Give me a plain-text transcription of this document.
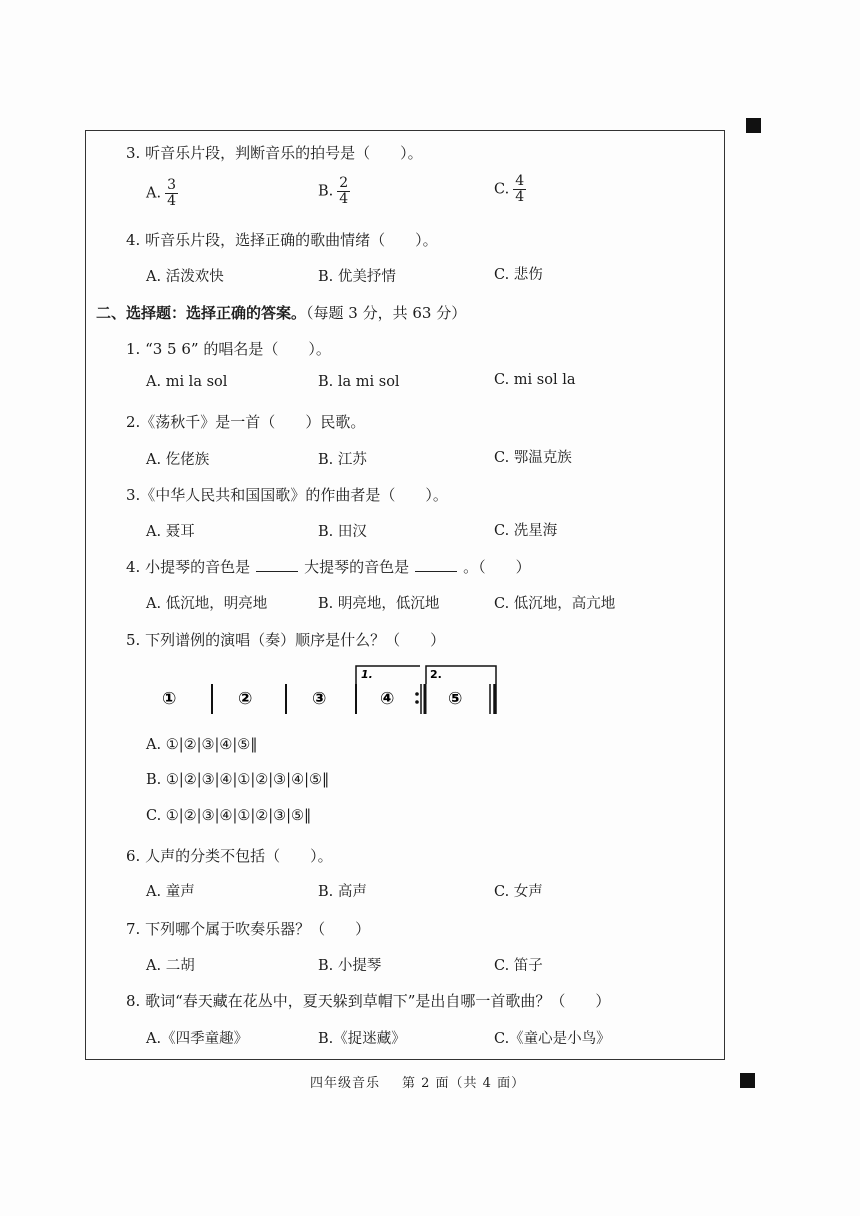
3. 听音乐片段，判断音乐的拍号是（　　）。
A. $\frac{3}{4}$	B. $\frac{2}{4}$	C. $\frac{4}{4}$
4. 听音乐片段，选择正确的歌曲情绪（　　）。
A. 活泼欢快	B. 优美抒情	C. 悲伤
二、选择题：选择正确的答案。（每题 3 分，共 63 分）
1. “3 5 6” 的唱名是（　　）。
A. mi la sol	B. la mi sol	C. mi sol la
2.《荡秋千》是一首（　　）民歌。
A. 仡佬族	B. 江苏	C. 鄂温克族
3.《中华人民共和国国歌》的作曲者是（　　）。
A. 聂耳	B. 田汉	C. 冼星海
4. 小提琴的音色是	大提琴的音色是	。（　　）
A. 低沉地，明亮地	B. 明亮地，低沉地	C. 低沉地，高亢地
5. 下列谱例的演唱（奏）顺序是什么？（　　）
①	②	③
1.
④
2.
⑤
A. ①|②|③|④|⑤‖
B. ①|②|③|④|①|②|③|④|⑤‖
C. ①|②|③|④|①|②|③|⑤‖
6. 人声的分类不包括（　　）。
A. 童声	B. 高声	C. 女声
7. 下列哪个属于吹奏乐器？（　　）
A. 二胡	B. 小提琴	C. 笛子
8. 歌词“春天藏在花丛中，夏天躲到草帽下”是出自哪一首歌曲？（　　）
A.《四季童趣》	B.《捉迷藏》	C.《童心是小鸟》
四年级音乐 第 2 面（共 4 面）
